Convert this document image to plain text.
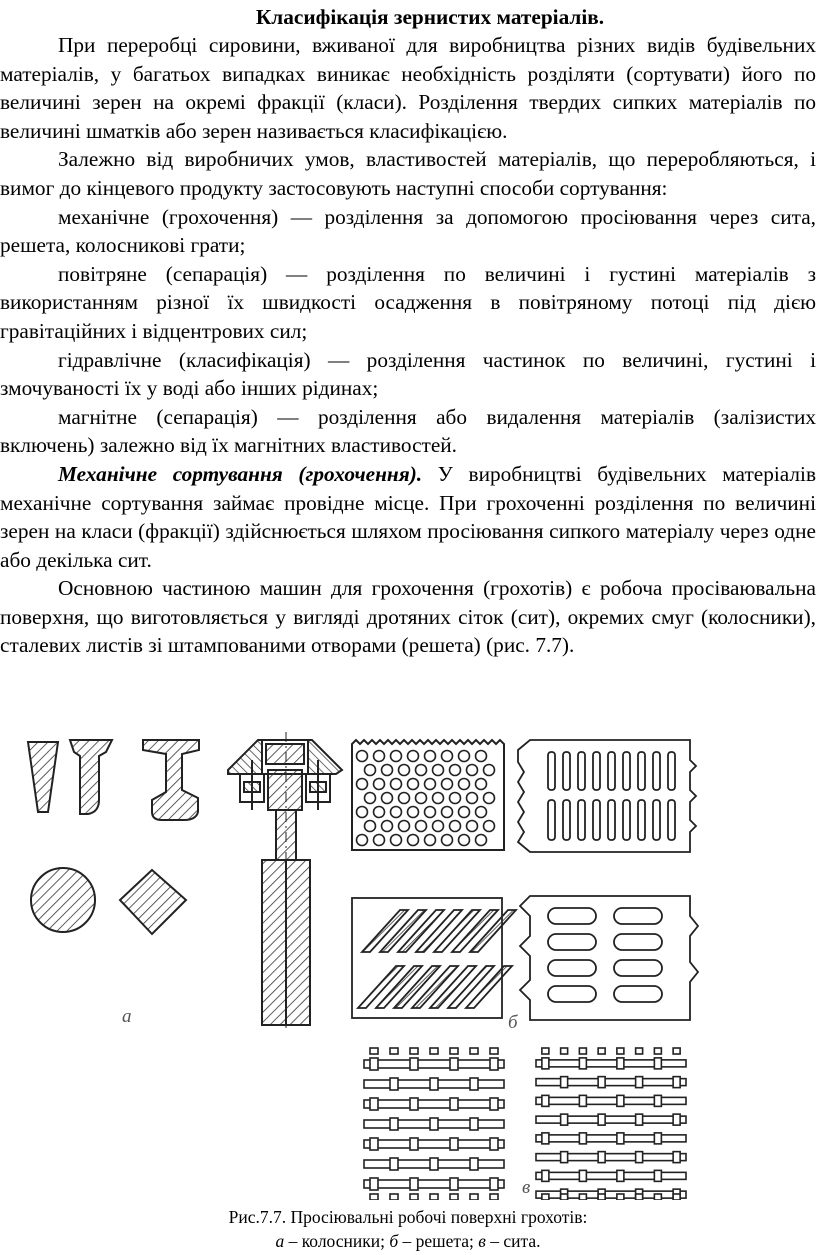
Класифікація зернистих матеріалів.

При переробці сировини, вживаної для виробництва різних видів будівельних матеріалів, у багатьох випадках виникає необхідність розділяти (сортувати) його по величині зерен на окремі фракції (класи). Розділення твердих сипких матеріалів по величині шматків або зерен називається класифікацією.

Залежно від виробничих умов, властивостей матеріалів, що переробляються, і вимог до кінцевого продукту застосовують наступні способи сортування:

механічне (грохочення) — розділення за допомогою просіювання через сита, решета, колосникові грати;

повітряне (сепарація) — розділення по величині і густині матеріалів з використанням різної їх швидкості осадження в повітряному потоці під дією гравітаційних і відцентрових сил;

гідравлічне (класифікація) — розділення частинок по величині, густині і змочуваності їх у воді або інших рідинах;

магнітне (сепарація) — розділення або видалення матеріалів (залізистих включень) залежно від їх магнітних властивостей.

Механічне сортування (грохочення). У виробництві будівельних матеріалів механічне сортування займає провідне місце. При грохоченні розділення по величині зерен на класи (фракції) здійснюється шляхом просіювання сипкого матеріалу через одне або декілька сит.

Основною частиною машин для грохочення (грохотів) є робоча просіваювальна поверхня, що виготовляється у вигляді дротяних сіток (сит), окремих смуг (колосники), сталевих листів зі штампованими отворами (решета) (рис. 7.7).

а	б
в
Рис.7.7. Просіювальні робочі поверхні грохотів:
а – колосники; б – решета; в – сита.
